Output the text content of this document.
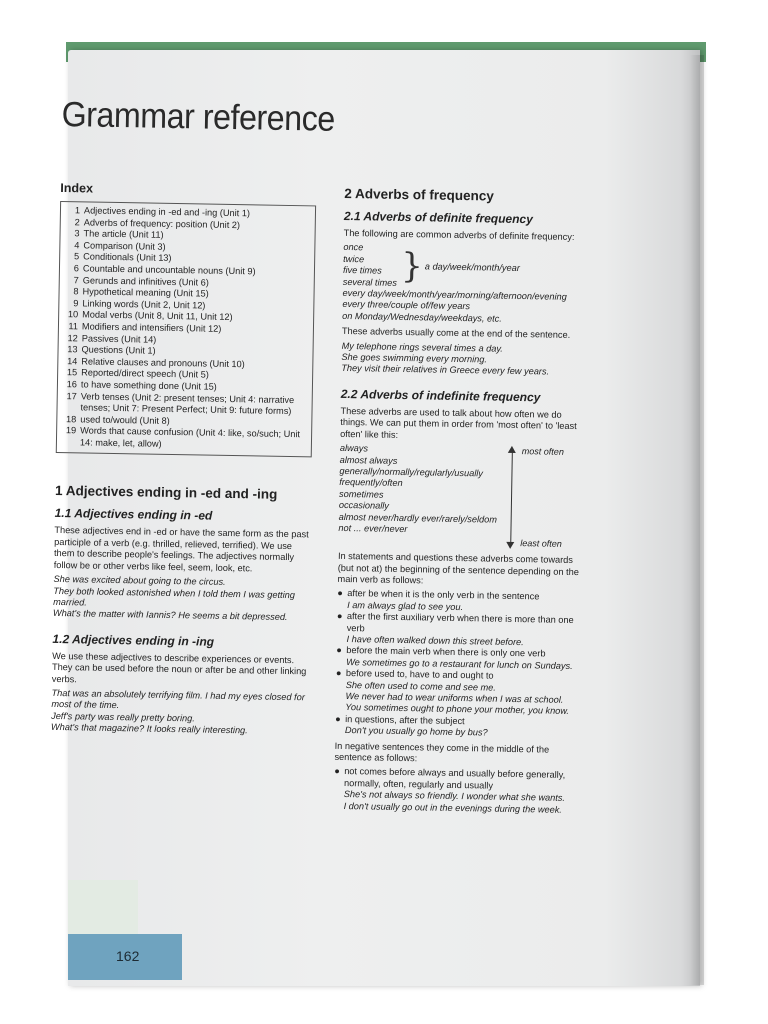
Grammar reference
Index
1 Adjectives ending in -ed and -ing (Unit 1)
2 Adverbs of frequency: position (Unit 2)
3 The article (Unit 11)
4 Comparison (Unit 3)
5 Conditionals (Unit 13)
6 Countable and uncountable nouns (Unit 9)
7 Gerunds and infinitives (Unit 6)
8 Hypothetical meaning (Unit 15)
9 Linking words (Unit 2, Unit 12)
10 Modal verbs (Unit 8, Unit 11, Unit 12)
11 Modifiers and intensifiers (Unit 12)
12 Passives (Unit 14)
13 Questions (Unit 1)
14 Relative clauses and pronouns (Unit 10)
15 Reported/direct speech (Unit 5)
16 to have something done (Unit 15)
17 Verb tenses (Unit 2: present tenses; Unit 4: narrative tenses; Unit 7: Present Perfect; Unit 9: future forms)
18 used to/would (Unit 8)
19 Words that cause confusion (Unit 4: like, so/such; Unit 14: make, let, allow)
1 Adjectives ending in -ed and -ing
1.1 Adjectives ending in -ed

These adjectives end in -ed or have the same form as the past participle of a verb (e.g. thrilled, relieved, terrified). We use them to describe people's feelings. The adjectives normally follow be or other verbs like feel, seem, look, etc.

She was excited about going to the circus.

They both looked astonished when I told them I was getting married.

What's the matter with Iannis? He seems a bit depressed.

1.2 Adjectives ending in -ing

We use these adjectives to describe experiences or events. They can be used before the noun or after be and other linking verbs.

That was an absolutely terrifying film. I had my eyes closed for most of the time.

Jeff's party was really pretty boring.

What's that magazine? It looks really interesting.

2 Adverbs of frequency
2.1 Adverbs of definite frequency

The following are common adverbs of definite frequency:

once
twice
five times
several times } a day/week/month/year

every day/week/month/year/morning/afternoon/evening

every three/couple of/few years

on Monday/Wednesday/weekdays, etc.

These adverbs usually come at the end of the sentence.

My telephone rings several times a day.

She goes swimming every morning.

They visit their relatives in Greece every few years.

2.2 Adverbs of indefinite frequency

These adverbs are used to talk about how often we do things. We can put them in order from 'most often' to 'least often' like this:

always
almost always
generally/normally/regularly/usually
frequently/often
sometimes
occasionally
almost never/hardly ever/rarely/seldom
not ... ever/never
most often
least often

In statements and questions these adverbs come towards (but not at) the beginning of the sentence depending on the main verb as follows:

● after be when it is the only verb in the sentence

I am always glad to see you.

● after the first auxiliary verb when there is more than one verb

I have often walked down this street before.

● before the main verb when there is only one verb

We sometimes go to a restaurant for lunch on Sundays.

● before used to, have to and ought to

She often used to come and see me.

We never had to wear uniforms when I was at school.

You sometimes ought to phone your mother, you know.

● in questions, after the subject

Don't you usually go home by bus?

In negative sentences they come in the middle of the sentence as follows:

● not comes before always and usually before generally, normally, often, regularly and usually

She's not always so friendly. I wonder what she wants.

I don't usually go out in the evenings during the week.

162
